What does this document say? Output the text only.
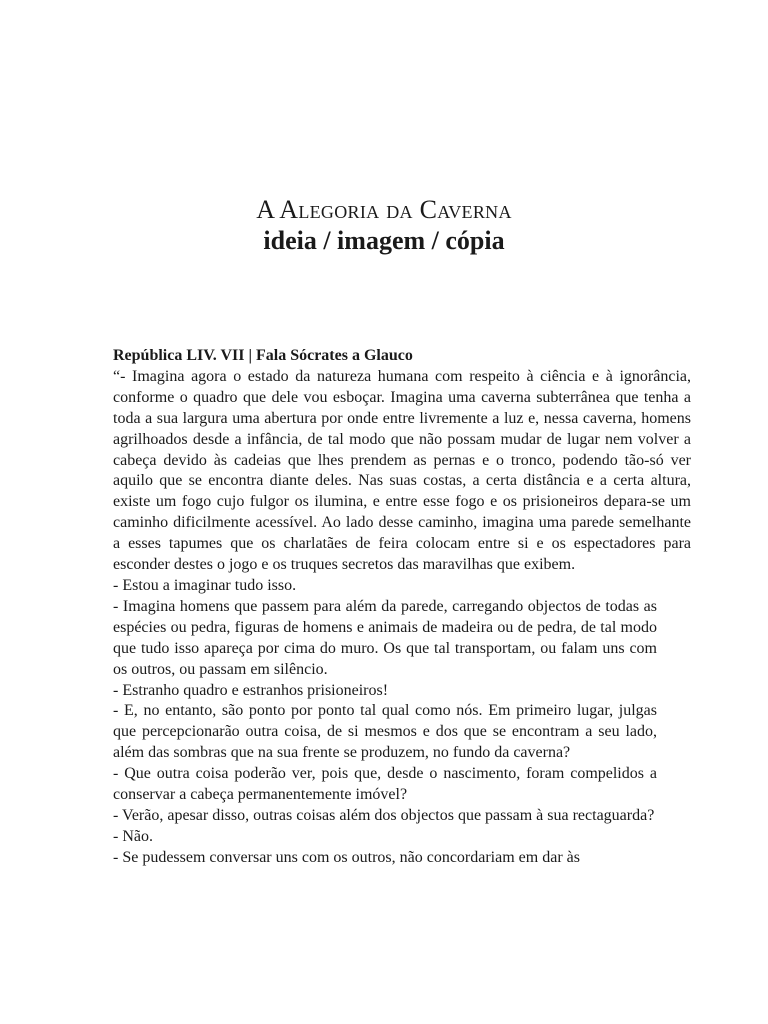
A Alegoria da Caverna
ideia / imagem / cópia

República LIV. VII | Fala Sócrates a Glauco

“- Imagina agora o estado da natureza humana com respeito à ciência e à ignorância, conforme o quadro que dele vou esboçar. Imagina uma caverna subterrânea que tenha a toda a sua largura uma abertura por onde entre livremente a luz e, nessa caverna, homens agrilhoados desde a infância, de tal modo que não possam mudar de lugar nem volver a cabeça devido às cadeias que lhes prendem as pernas e o tronco, podendo tão-só ver aquilo que se encontra diante deles. Nas suas costas, a certa distância e a certa altura, existe um fogo cujo fulgor os ilumina, e entre esse fogo e os prisioneiros depara-se um caminho dificilmente acessível. Ao lado desse caminho, imagina uma parede semelhante a esses tapumes que os charlatães de feira colocam entre si e os espectadores para esconder destes o jogo e os truques secretos das maravilhas que exibem.

- Estou a imaginar tudo isso.

- Imagina homens que passem para além da parede, carregando objectos de todas as espécies ou pedra, figuras de homens e animais de madeira ou de pedra, de tal modo que tudo isso apareça por cima do muro. Os que tal transportam, ou falam uns com os outros, ou passam em silêncio.

- Estranho quadro e estranhos prisioneiros!

- E, no entanto, são ponto por ponto tal qual como nós. Em primeiro lugar, julgas que percepcionarão outra coisa, de si mesmos e dos que se encontram a seu lado, além das sombras que na sua frente se produzem, no fundo da caverna?

- Que outra coisa poderão ver, pois que, desde o nascimento, foram compelidos a conservar a cabeça permanentemente imóvel?

- Verão, apesar disso, outras coisas além dos objectos que passam à sua rectaguarda?

- Não.

- Se pudessem conversar uns com os outros, não concordariam em dar às
